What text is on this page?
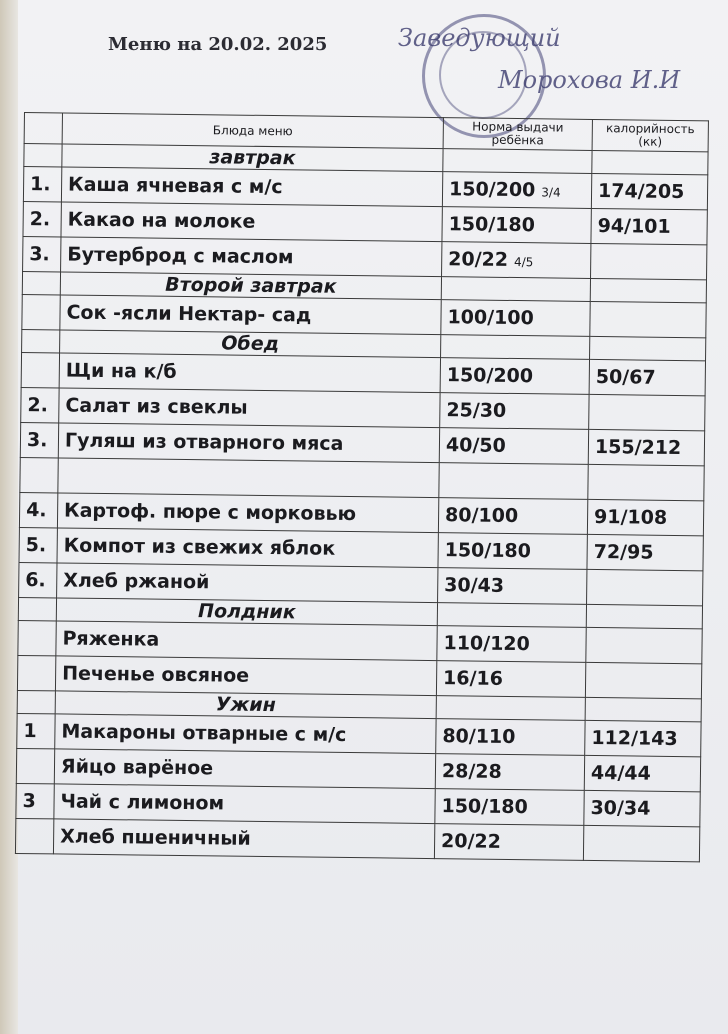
Меню на 20.02. 2025	Заведующий
Морохова И.И
	Блюда меню	Норма выдачи ребёнка	калорийность (кк)
	завтрак		
1.	Каша ячневая с м/с	150/200 3/4	174/205
2.	Какао на молоке	150/180	94/101
3.	Бутерброд с маслом	20/22 4/5	
	Второй завтрак		
	Сок -ясли Нектар- сад	100/100	
	Обед		
	Щи на к/б	150/200	50/67
2.	Салат из свеклы	25/30	
3.	Гуляш из отварного мяса	40/50	155/212

4.	Картоф. пюре с морковью	80/100	91/108
5.	Компот из свежих яблок	150/180	72/95
6.	Хлеб ржаной	30/43	
	Полдник		
	Ряженка	110/120	
	Печенье овсяное	16/16	
	Ужин		
1	Макароны отварные с м/с	80/110	112/143
	Яйцо варёное	28/28	44/44
3	Чай с лимоном	150/180	30/34
	Хлеб пшеничный	20/22	
